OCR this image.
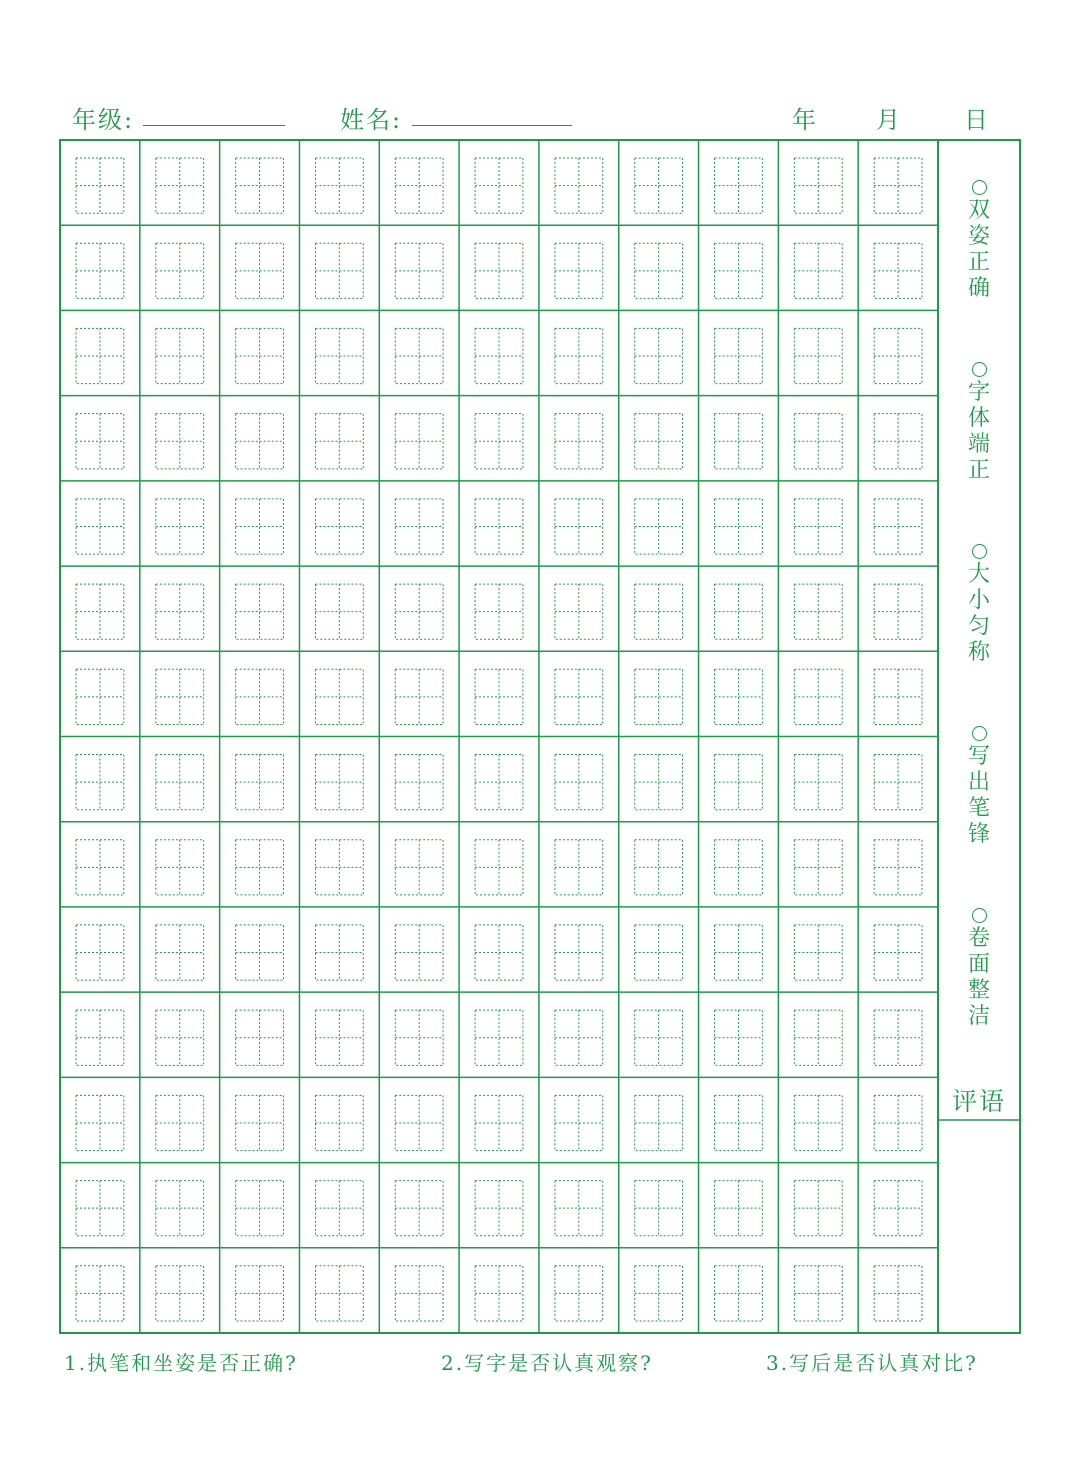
年级:	姓名:	年 月	日
双姿正确
字体端正
大小匀称
写出笔锋
卷面整洁
评语
1.执笔和坐姿是否正确?	2.写字是否认真观察?	3.写后是否认真对比?
